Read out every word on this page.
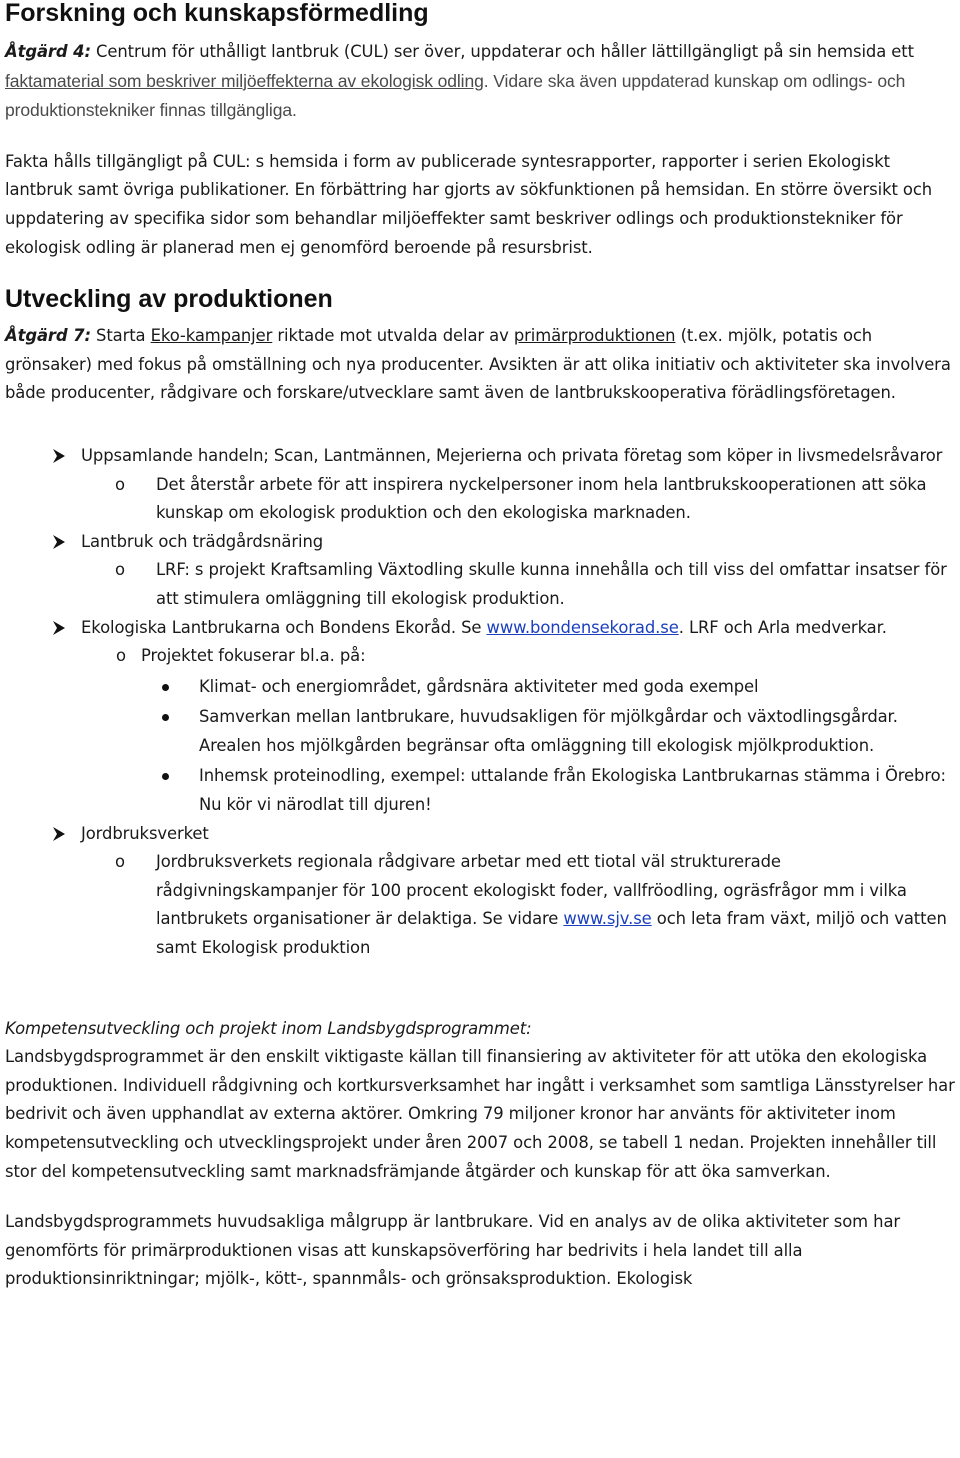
Forskning och kunskapsförmedling

Åtgärd 4: Centrum för uthålligt lantbruk (CUL) ser över, uppdaterar och håller lättillgängligt på sin hemsida ett faktamaterial som beskriver miljöeffekterna av ekologisk odling. Vidare ska även uppdaterad kunskap om odlings- och produktionstekniker finnas tillgängliga.

Fakta hålls tillgängligt på CUL: s hemsida i form av publicerade syntesrapporter, rapporter i serien Ekologiskt lantbruk samt övriga publikationer. En förbättring har gjorts av sökfunktionen på hemsidan. En större översikt och uppdatering av specifika sidor som behandlar miljöeffekter samt beskriver odlings och produktionstekniker för ekologisk odling är planerad men ej genomförd beroende på resursbrist.

Utveckling av produktionen

Åtgärd 7: Starta Eko-kampanjer riktade mot utvalda delar av primärproduktionen (t.ex. mjölk, potatis och grönsaker) med fokus på omställning och nya producenter. Avsikten är att olika initiativ och aktiviteter ska involvera både producenter, rådgivare och forskare/utvecklare samt även de lantbrukskooperativa förädlingsföretagen.

Uppsamlande handeln; Scan, Lantmännen, Mejerierna och privata företag som köper in livsmedelsråvaror
o Det återstår arbete för att inspirera nyckelpersoner inom hela lantbrukskooperationen att söka kunskap om ekologisk produktion och den ekologiska marknaden.
Lantbruk och trädgårdsnäring
o LRF: s projekt Kraftsamling Växtodling skulle kunna innehålla och till viss del omfattar insatser för att stimulera omläggning till ekologisk produktion.
Ekologiska Lantbrukarna och Bondens Ekoråd. Se www.bondensekorad.se. LRF och Arla medverkar.
o Projektet fokuserar bl.a. på:
Klimat- och energiområdet, gårdsnära aktiviteter med goda exempel
Samverkan mellan lantbrukare, huvudsakligen för mjölkgårdar och växtodlingsgårdar. Arealen hos mjölkgården begränsar ofta omläggning till ekologisk mjölkproduktion.
Inhemsk proteinodling, exempel: uttalande från Ekologiska Lantbrukarnas stämma i Örebro: Nu kör vi närodlat till djuren!
Jordbruksverket
o Jordbruksverkets regionala rådgivare arbetar med ett tiotal väl strukturerade rådgivningskampanjer för 100 procent ekologiskt foder, vallfröodling, ogräsfrågor mm i vilka lantbrukets organisationer är delaktiga. Se vidare www.sjv.se och leta fram växt, miljö och vatten samt Ekologisk produktion

Kompetensutveckling och projekt inom Landsbygdsprogrammet:

Landsbygdsprogrammet är den enskilt viktigaste källan till finansiering av aktiviteter för att utöka den ekologiska produktionen. Individuell rådgivning och kortkursverksamhet har ingått i verksamhet som samtliga Länsstyrelser har bedrivit och även upphandlat av externa aktörer. Omkring 79 miljoner kronor har använts för aktiviteter inom kompetensutveckling och utvecklingsprojekt under åren 2007 och 2008, se tabell 1 nedan. Projekten innehåller till stor del kompetensutveckling samt marknadsfrämjande åtgärder och kunskap för att öka samverkan.

Landsbygdsprogrammets huvudsakliga målgrupp är lantbrukare. Vid en analys av de olika aktiviteter som har genomförts för primärproduktionen visas att kunskapsöverföring har bedrivits i hela landet till alla produktionsinriktningar; mjölk-, kött-, spannmåls- och grönsaksproduktion. Ekologisk
